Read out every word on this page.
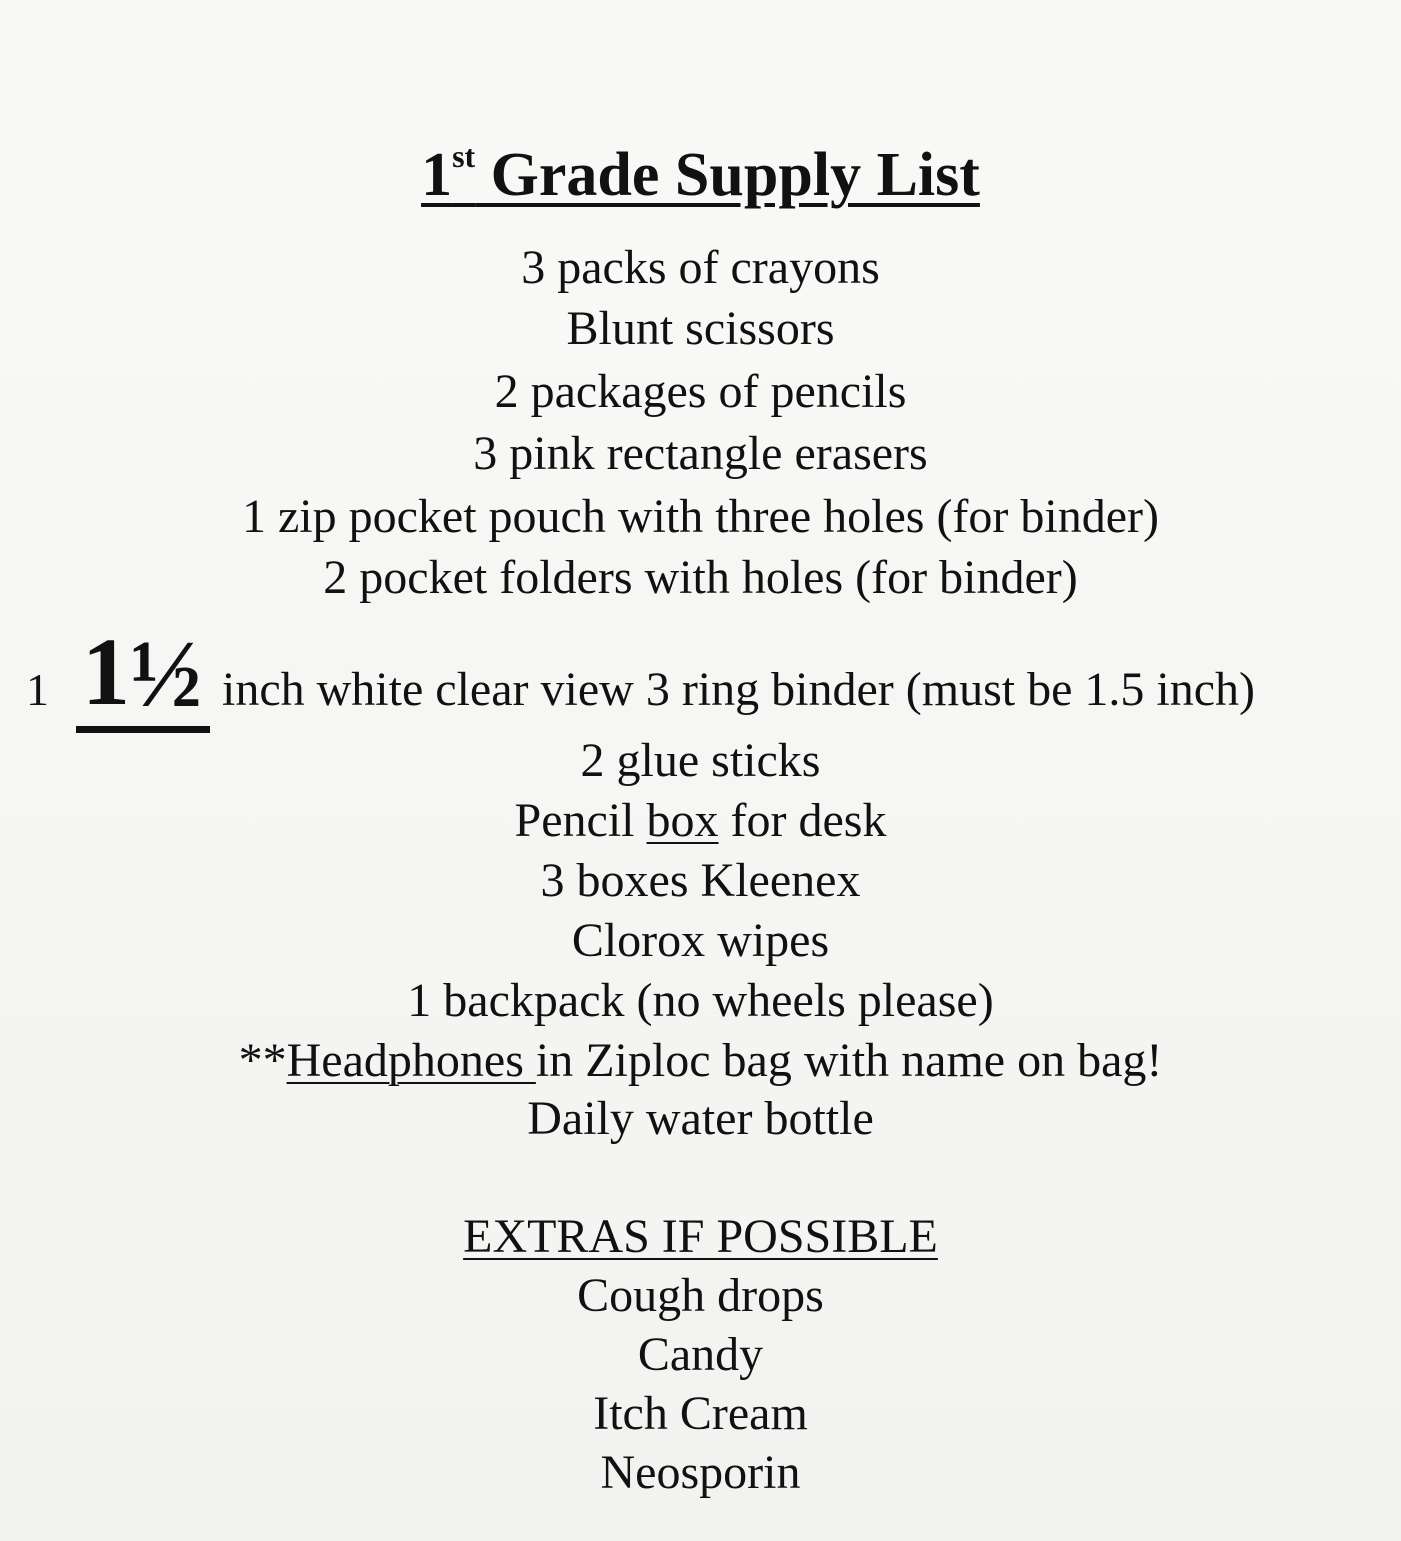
1st Grade Supply List
3 packs of crayons
Blunt scissors
2 packages of pencils
3 pink rectangle erasers
1 zip pocket pouch with three holes (for binder)
2 pocket folders with holes (for binder)
1 1 ½ inch white clear view 3 ring binder (must be 1.5 inch)
2 glue sticks
Pencil box for desk
3 boxes Kleenex
Clorox wipes
1 backpack (no wheels please)
**Headphones in Ziploc bag with name on bag!
Daily water bottle
EXTRAS IF POSSIBLE
Cough drops
Candy
Itch Cream
Neosporin
